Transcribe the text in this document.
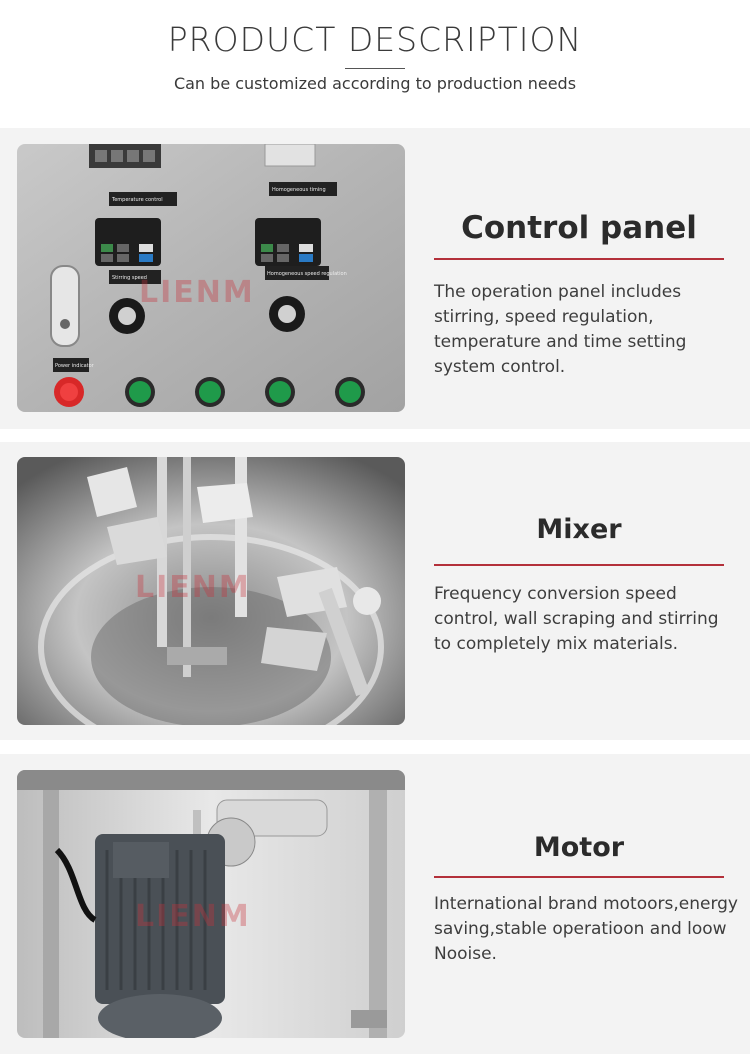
PRODUCT DESCRIPTION
Can be customized according to production needs
Temperature control
Homogeneous timing
Stirring speed
Homogeneous speed regulation
LIENM
Power indicator
Control panel
The operation panel includes stirring, speed regulation, temperature and time setting system control.
LIENM
Mixer
Frequency conversion speed control, wall scraping and stirring to completely mix materials.
LIENM
Motor
International brand motoors,energy saving,stable operatioon and loow Nooise.
